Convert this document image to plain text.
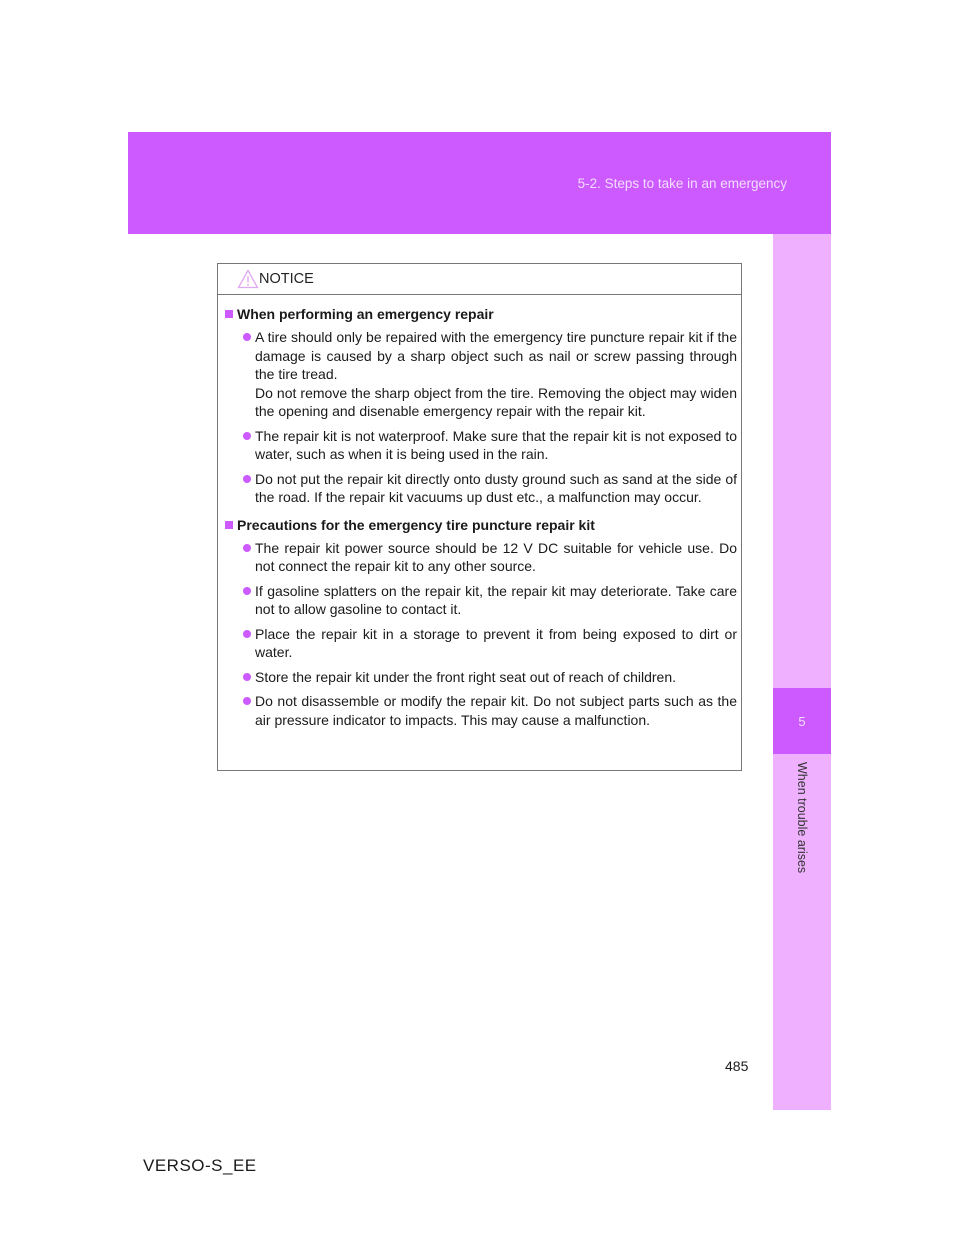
5-2. Steps to take in an emergency
5
When trouble arises
NOTICE
When performing an emergency repair

A tire should only be repaired with the emergency tire puncture repair kit if the damage is caused by a sharp object such as nail or screw passing through the tire tread.

Do not remove the sharp object from the tire. Removing the object may widen the opening and disenable emergency repair with the repair kit.

The repair kit is not waterproof. Make sure that the repair kit is not exposed to water, such as when it is being used in the rain.

Do not put the repair kit directly onto dusty ground such as sand at the side of the road. If the repair kit vacuums up dust etc., a malfunction may occur.

Precautions for the emergency tire puncture repair kit

The repair kit power source should be 12 V DC suitable for vehicle use. Do not connect the repair kit to any other source.

If gasoline splatters on the repair kit, the repair kit may deteriorate. Take care not to allow gasoline to contact it.

Place the repair kit in a storage to prevent it from being exposed to dirt or water.

Store the repair kit under the front right seat out of reach of children.

Do not disassemble or modify the repair kit. Do not subject parts such as the air pressure indicator to impacts. This may cause a malfunction.

485
VERSO-S_EE
